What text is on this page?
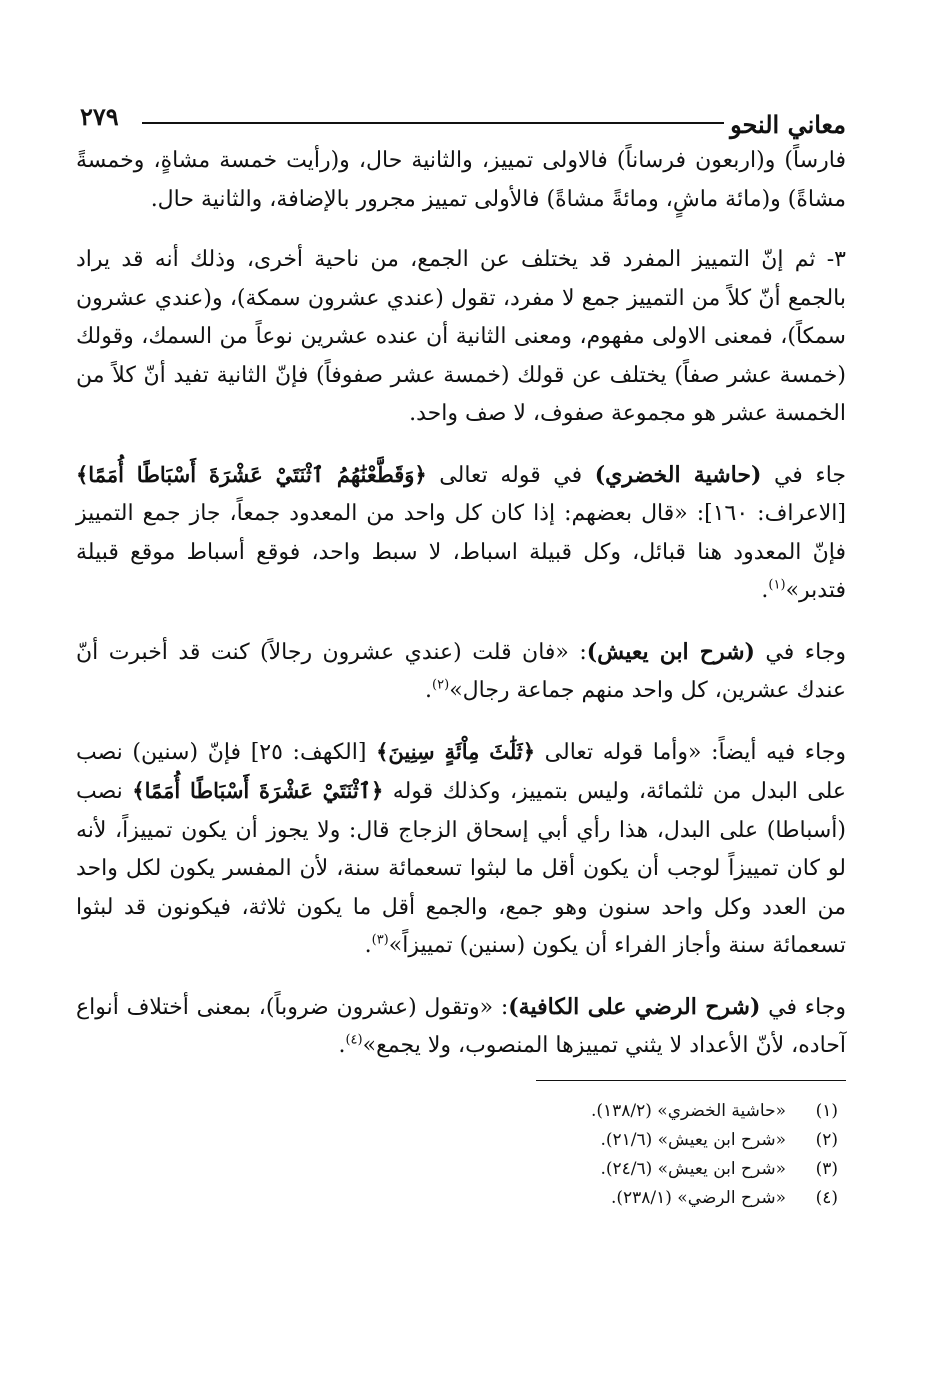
٢٧٩	معاني النحو

فارساً) و(اربعون فرساناً) فالاولى تمييز، والثانية حال، و(رأيت خمسة مشاةٍ، وخمسةً مشاةً) و(مائة ماشٍ، ومائةً مشاةً) فالأولى تمييز مجرور بالإضافة، والثانية حال.

٣- ثم إنّ التمييز المفرد قد يختلف عن الجمع، من ناحية أخرى، وذلك أنه قد يراد بالجمع أنّ كلاً من التمييز جمع لا مفرد، تقول (عندي عشرون سمكة)، و(عندي عشرون سمكاً)، فمعنى الاولى مفهوم، ومعنى الثانية أن عنده عشرين نوعاً من السمك، وقولك (خمسة عشر صفاً) يختلف عن قولك (خمسة عشر صفوفاً) فإنّ الثانية تفيد أنّ كلاً من الخمسة عشر هو مجموعة صفوف، لا صف واحد.

جاء في (حاشية الخضري) في قوله تعالى ﴿وَقَطَّعْنَٰهُمُ ٱثْنَتَيْ عَشْرَةَ أَسْبَاطًا أُمَمًا﴾ [الاعراف: ١٦٠]: «قال بعضهم: إذا كان كل واحد من المعدود جمعاً، جاز جمع التمييز فإنّ المعدود هنا قبائل، وكل قبيلة اسباط، لا سبط واحد، فوقع أسباط موقع قبيلة فتدبر»$^{(١)}$.

وجاء في (شرح ابن يعيش): «فان قلت (عندي عشرون رجالاً) كنت قد أخبرت أنّ عندك عشرين، كل واحد منهم جماعة رجال»$^{(٢)}$.

وجاء فيه أيضاً: «وأما قوله تعالى ﴿ثَلَٰثَ مِاْئَةٍ سِنِينَ﴾ [الكهف: ٢٥] فإنّ (سنين) نصب على البدل من ثلثمائة، وليس بتمييز، وكذلك قوله ﴿ٱثْنَتَيْ عَشْرَةَ أَسْبَاطًا أُمَمًا﴾ نصب (أسباطا) على البدل، هذا رأي أبي إسحاق الزجاج قال: ولا يجوز أن يكون تمييزاً، لأنه لو كان تمييزاً لوجب أن يكون أقل ما لبثوا تسعمائة سنة، لأن المفسر يكون لكل واحد من العدد وكل واحد سنون وهو جمع، والجمع أقل ما يكون ثلاثة، فيكونون قد لبثوا تسعمائة سنة وأجاز الفراء أن يكون (سنين) تمييزاً»$^{(٣)}$.

وجاء في (شرح الرضي على الكافية): «وتقول (عشرون ضروباً)، بمعنى أختلاف أنواع آحاده، لأنّ الأعداد لا يثني تمييزها المنصوب، ولا يجمع»$^{(٤)}$.

(١)
«حاشية الخضري» (١٣٨/٢).
(٢)
«شرح ابن يعيش» (٢١/٦).
(٣)
«شرح ابن يعيش» (٢٤/٦).
(٤)
«شرح الرضي» (٢٣٨/١).
